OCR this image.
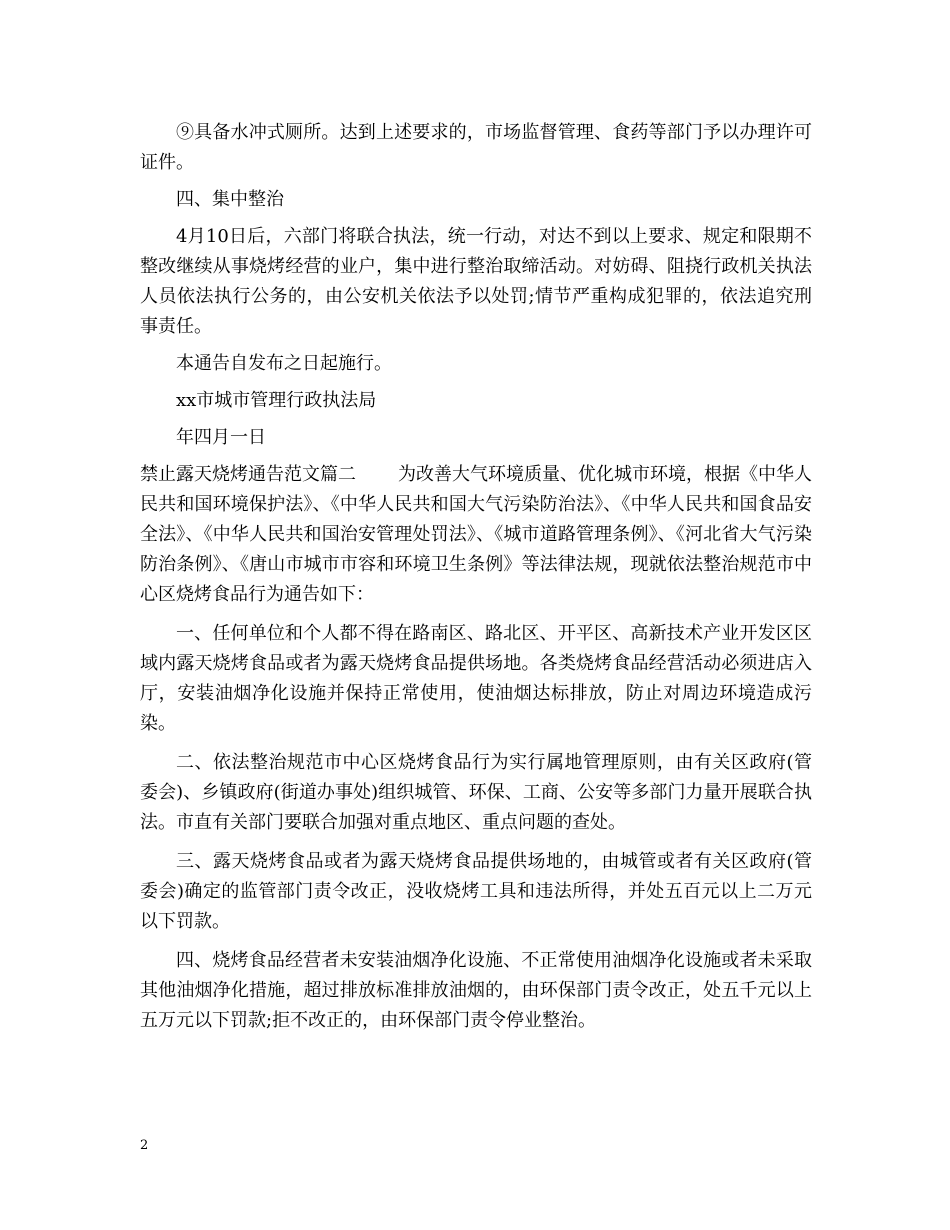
⑨具备水冲式厕所。达到上述要求的，市场监督管理、食药等部门予以办理许可证件。

四、集中整治

4月10日后，六部门将联合执法，统一行动，对达不到以上要求、规定和限期不整改继续从事烧烤经营的业户，集中进行整治取缔活动。对妨碍、阻挠行政机关执法人员依法执行公务的，由公安机关依法予以处罚;情节严重构成犯罪的，依法追究刑事责任。

本通告自发布之日起施行。

xx市城市管理行政执法局

年四月一日

禁止露天烧烤通告范文篇二 为改善大气环境质量、优化城市环境，根据《中华人民共和国环境保护法》、《中华人民共和国大气污染防治法》、《中华人民共和国食品安全法》、《中华人民共和国治安管理处罚法》、《城市道路管理条例》、《河北省大气污染防治条例》、《唐山市城市市容和环境卫生条例》等法律法规，现就依法整治规范市中心区烧烤食品行为通告如下：

一、任何单位和个人都不得在路南区、路北区、开平区、高新技术产业开发区区域内露天烧烤食品或者为露天烧烤食品提供场地。各类烧烤食品经营活动必须进店入厅，安装油烟净化设施并保持正常使用，使油烟达标排放，防止对周边环境造成污染。

二、依法整治规范市中心区烧烤食品行为实行属地管理原则，由有关区政府(管委会)、乡镇政府(街道办事处)组织城管、环保、工商、公安等多部门力量开展联合执法。市直有关部门要联合加强对重点地区、重点问题的查处。

三、露天烧烤食品或者为露天烧烤食品提供场地的，由城管或者有关区政府(管委会)确定的监管部门责令改正，没收烧烤工具和违法所得，并处五百元以上二万元以下罚款。

四、烧烤食品经营者未安装油烟净化设施、不正常使用油烟净化设施或者未采取其他油烟净化措施，超过排放标准排放油烟的，由环保部门责令改正，处五千元以上五万元以下罚款;拒不改正的，由环保部门责令停业整治。

2
